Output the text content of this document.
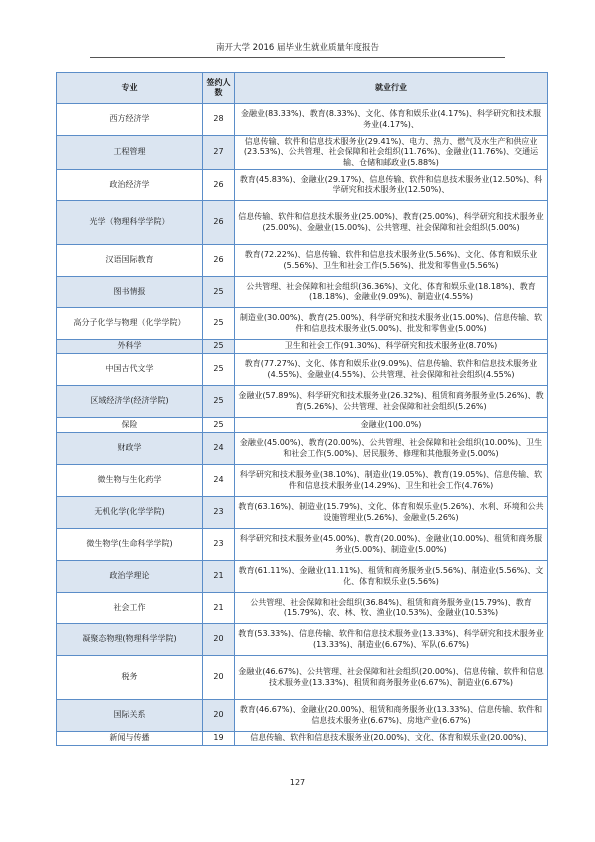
南开大学 2016 届毕业生就业质量年度报告
专业	签约人数	就业行业
西方经济学	28	金融业(83.33%)、教育(8.33%)、文化、体育和娱乐业(4.17%)、科学研究和技术服务业(4.17%)、
工程管理	27	信息传输、软件和信息技术服务业(29.41%)、电力、热力、燃气及水生产和供应业(23.53%)、公共管理、社会保障和社会组织(11.76%)、金融业(11.76%)、交通运输、仓储和邮政业(5.88%)
政治经济学	26	教育(45.83%)、金融业(29.17%)、信息传输、软件和信息技术服务业(12.50%)、科学研究和技术服务业(12.50%)、
光学（物理科学学院）	26	信息传输、软件和信息技术服务业(25.00%)、教育(25.00%)、科学研究和技术服务业(25.00%)、金融业(15.00%)、公共管理、社会保障和社会组织(5.00%)
汉语国际教育	26	教育(72.22%)、信息传输、软件和信息技术服务业(5.56%)、文化、体育和娱乐业(5.56%)、卫生和社会工作(5.56%)、批发和零售业(5.56%)
图书情报	25	公共管理、社会保障和社会组织(36.36%)、文化、体育和娱乐业(18.18%)、教育(18.18%)、金融业(9.09%)、制造业(4.55%)
高分子化学与物理（化学学院）	25	制造业(30.00%)、教育(25.00%)、科学研究和技术服务业(15.00%)、信息传输、软件和信息技术服务业(5.00%)、批发和零售业(5.00%)
外科学	25	卫生和社会工作(91.30%)、科学研究和技术服务业(8.70%)
中国古代文学	25	教育(77.27%)、文化、体育和娱乐业(9.09%)、信息传输、软件和信息技术服务业(4.55%)、金融业(4.55%)、公共管理、社会保障和社会组织(4.55%)
区域经济学(经济学院)	25	金融业(57.89%)、科学研究和技术服务业(26.32%)、租赁和商务服务业(5.26%)、教育(5.26%)、公共管理、社会保障和社会组织(5.26%)
保险	25	金融业(100.0%)
财政学	24	金融业(45.00%)、教育(20.00%)、公共管理、社会保障和社会组织(10.00%)、卫生和社会工作(5.00%)、居民服务、修理和其他服务业(5.00%)
微生物与生化药学	24	科学研究和技术服务业(38.10%)、制造业(19.05%)、教育(19.05%)、信息传输、软件和信息技术服务业(14.29%)、卫生和社会工作(4.76%)
无机化学(化学学院)	23	教育(63.16%)、制造业(15.79%)、文化、体育和娱乐业(5.26%)、水利、环境和公共设施管理业(5.26%)、金融业(5.26%)
微生物学(生命科学学院)	23	科学研究和技术服务业(45.00%)、教育(20.00%)、金融业(10.00%)、租赁和商务服务业(5.00%)、制造业(5.00%)
政治学理论	21	教育(61.11%)、金融业(11.11%)、租赁和商务服务业(5.56%)、制造业(5.56%)、文化、体育和娱乐业(5.56%)
社会工作	21	公共管理、社会保障和社会组织(36.84%)、租赁和商务服务业(15.79%)、教育(15.79%)、农、林、牧、渔业(10.53%)、金融业(10.53%)
凝聚态物理(物理科学学院)	20	教育(53.33%)、信息传输、软件和信息技术服务业(13.33%)、科学研究和技术服务业(13.33%)、制造业(6.67%)、军队(6.67%)
税务	20	金融业(46.67%)、公共管理、社会保障和社会组织(20.00%)、信息传输、软件和信息技术服务业(13.33%)、租赁和商务服务业(6.67%)、制造业(6.67%)
国际关系	20	教育(46.67%)、金融业(20.00%)、租赁和商务服务业(13.33%)、信息传输、软件和信息技术服务业(6.67%)、房地产业(6.67%)
新闻与传播	19	信息传输、软件和信息技术服务业(20.00%)、文化、体育和娱乐业(20.00%)、
127
